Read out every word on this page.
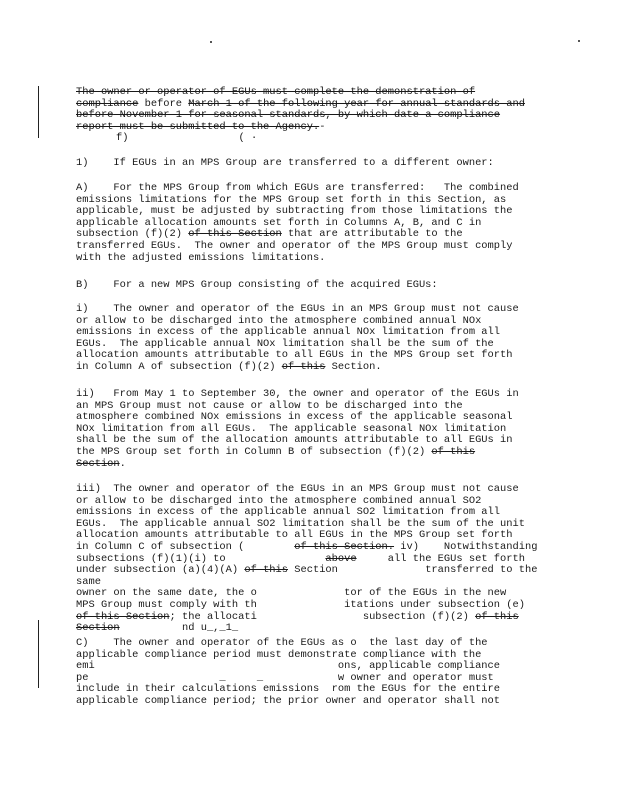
The owner or operator of EGUs must complete the demonstration of
compliance before March 1 of the following year for annual standards and
before November 1 for seasonal standards, by which date a compliance
report must be submitted to the Agency.-
f)	( ·
1)    If EGUs in an MPS Group are transferred to a different owner:
A)    For the MPS Group from which EGUs are transferred:   The combined
emissions limitations for the MPS Group set forth in this Section, as
applicable, must be adjusted by subtracting from those limitations the
applicable allocation amounts set forth in Columns A, B, and C in
subsection (f)(2) of this Section that are attributable to the
transferred EGUs.  The owner and operator of the MPS Group must comply
with the adjusted emissions limitations.
B)    For a new MPS Group consisting of the acquired EGUs:
i)    The owner and operator of the EGUs in an MPS Group must not cause
or allow to be discharged into the atmosphere combined annual NOx
emissions in excess of the applicable annual NOx limitation from all
EGUs.  The applicable annual NOx limitation shall be the sum of the
allocation amounts attributable to all EGUs in the MPS Group set forth
in Column A of subsection (f)(2) of this Section.
ii)   From May 1 to September 30, the owner and operator of the EGUs in
an MPS Group must not cause or allow to be discharged into the
atmosphere combined NOx emissions in excess of the applicable seasonal
NOx limitation from all EGUs.  The applicable seasonal NOx limitation
shall be the sum of the allocation amounts attributable to all EGUs in
the MPS Group set forth in Column B of subsection (f)(2) of this
Section.
iii)  The owner and operator of the EGUs in an MPS Group must not cause
or allow to be discharged into the atmosphere combined annual SO2
emissions in excess of the applicable annual SO2 limitation from all
EGUs.  The applicable annual SO2 limitation shall be the sum of the unit
allocation amounts attributable to all EGUs in the MPS Group set forth
in Column C of subsection (        of this Section. iv)    Notwithstanding
subsections (f)(1)(i) to                above     all the EGUs set forth
under subsection (a)(4)(A) of this Section              transferred to the same
owner on the same date, the o              tor of the EGUs in the new
MPS Group must comply with th              itations under subsection (e)
of this Section; the allocati                 subsection (f)(2) of this
Section          nd u_,_1_
C)    The owner and operator of the EGUs as o  the last day of the
applicable compliance period must demonstrate compliance with the
emi                                       ons, applicable compliance
pe                     _     _            w owner and operator must
include in their calculations emissions  rom the EGUs for the entire
applicable compliance period; the prior owner and operator shall not
